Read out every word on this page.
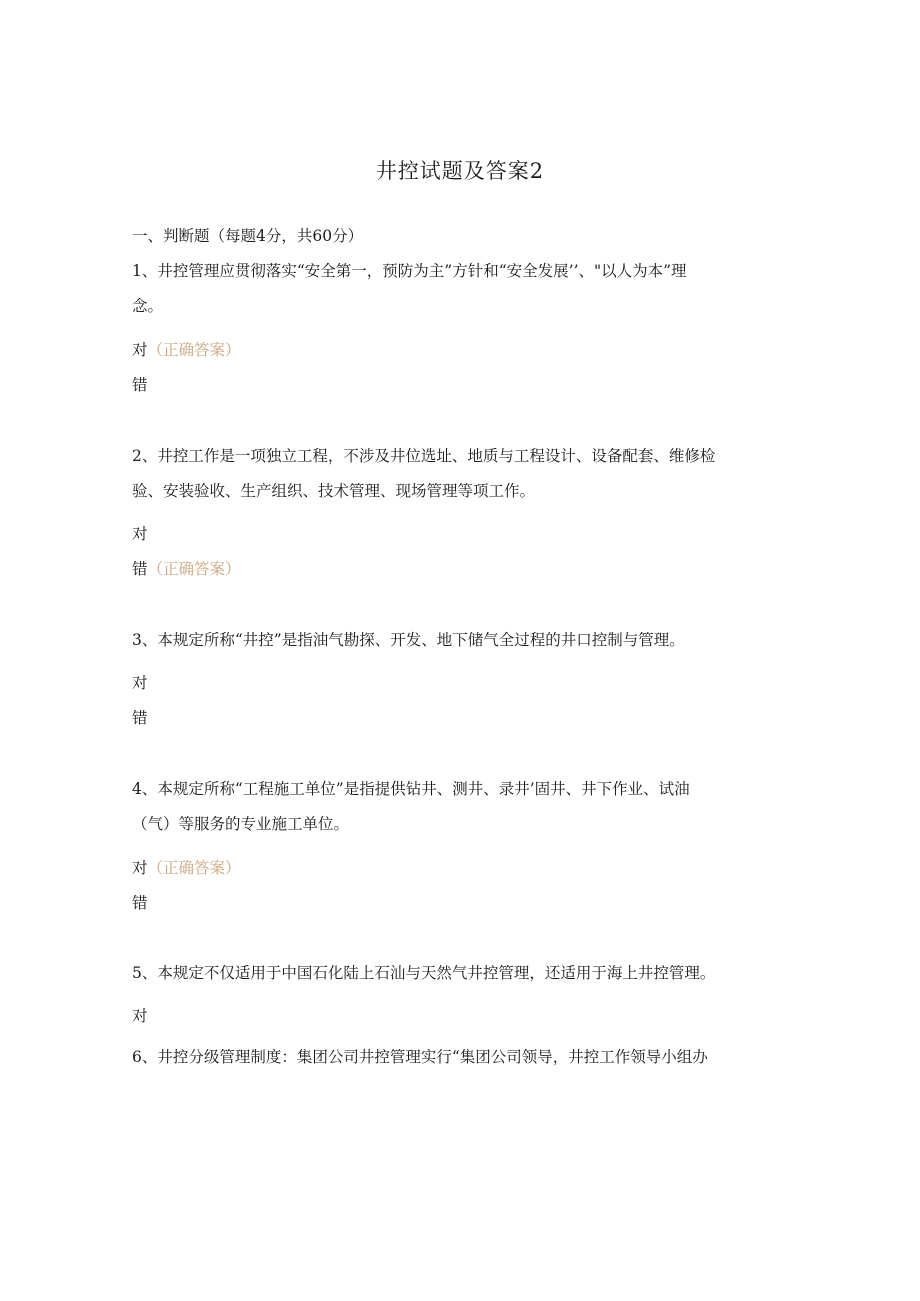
井控试题及答案2
一、判断题（每题4分，共60分）
1、井控管理应贯彻落实“安全第一，预防为主”方针和“安全发展’’、"以人为本”理
念。
对（正确答案）
错
2、井控工作是一项独立工程，不涉及井位选址、地质与工程设计、设备配套、维修检
验、安装验收、生产组织、技术管理、现场管理等项工作。
对
错（正确答案）
3、本规定所称“井控”是指油气勘探、开发、地下储气全过程的井口控制与管理。
对
错
4、本规定所称“工程施工单位”是指提供钻井、测井、录井’固井、井下作业、试油
（气）等服务的专业施工单位。
对（正确答案）
错
5、本规定不仅适用于中国石化陆上石汕与天然气井控管理，还适用于海上井控管理。
对
6、井控分级管理制度：集团公司井控管理实行“集团公司领导，井控工作领导小组办
